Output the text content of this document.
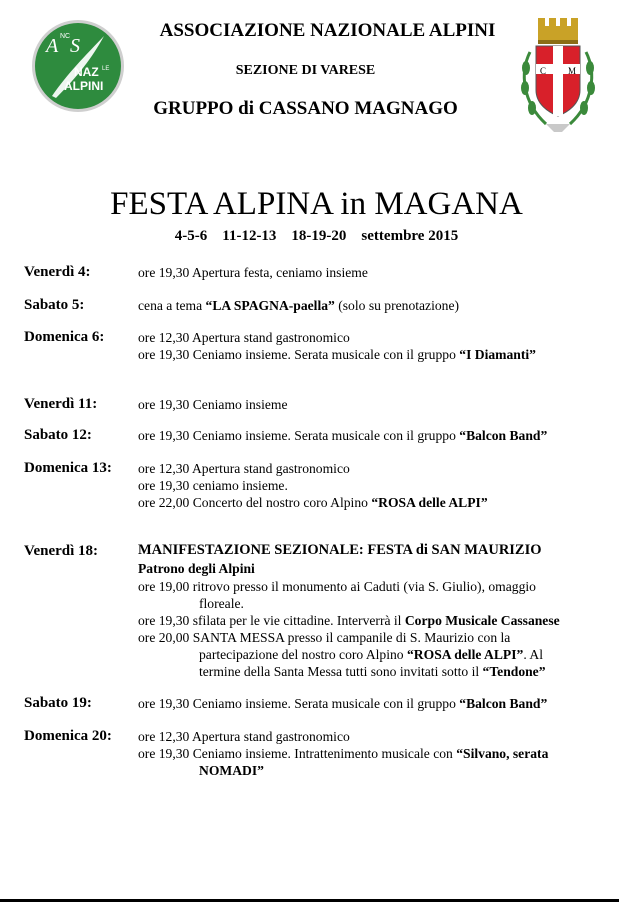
A NC S
NAZ LE
ALPINI
ASSOCIAZIONE NAZIONALE ALPINI
SEZIONE DI VARESE
GRUPPO di CASSANO MAGNAGO
C M
FESTA ALPINA in MAGANA
4-5-6    11-12-13    18-19-20    settembre 2015
Venerdì 4:	ore 19,30 Apertura festa, ceniamo insieme
Sabato 5:	cena a tema “LA SPAGNA-paella” (solo su prenotazione)
Domenica 6: ore 12,30 Apertura stand gastronomico
ore 19,30 Ceniamo insieme. Serata musicale con il gruppo “I Diamanti”
Venerdì 11:	ore 19,30 Ceniamo insieme
Sabato 12:	ore 19,30 Ceniamo insieme. Serata musicale con il gruppo “Balcon Band”
Domenica 13: ore 12,30 Apertura stand gastronomico
ore 19,30 ceniamo insieme.
ore 22,00 Concerto del nostro coro Alpino “ROSA delle ALPI”
Venerdì 18:	MANIFESTAZIONE SEZIONALE: FESTA di SAN MAURIZIO
Patrono degli Alpini
ore 19,00 ritrovo presso il monumento ai Caduti (via S. Giulio), omaggio
floreale.
ore 19,30 sfilata per le vie cittadine. Interverrà il Corpo Musicale Cassanese
ore 20,00 SANTA MESSA presso il campanile di S. Maurizio con la
partecipazione del nostro coro Alpino “ROSA delle ALPI”. Al
termine della Santa Messa tutti sono invitati sotto il “Tendone”
Sabato 19:	ore 19,30 Ceniamo insieme. Serata musicale con il gruppo “Balcon Band”
Domenica 20: ore 12,30 Apertura stand gastronomico
ore 19,30 Ceniamo insieme. Intrattenimento musicale con “Silvano, serata
NOMADI”
